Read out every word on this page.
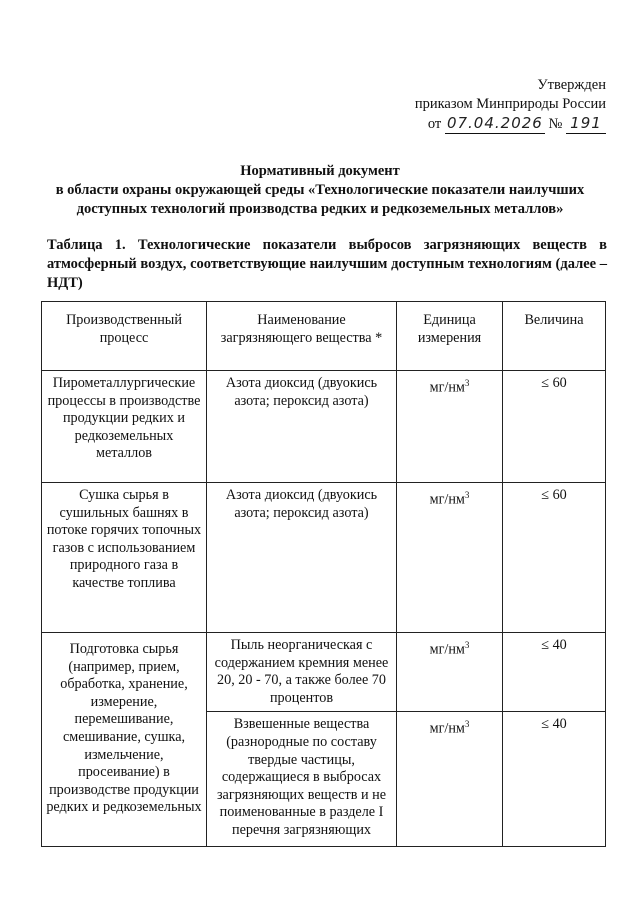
Утвержден
приказом Минприроды России
от 07.04.2026 № 191
Нормативный документ
в области охраны окружающей среды «Технологические показатели наилучших
доступных технологий производства редких и редкоземельных металлов»
Таблица 1. Технологические показатели выбросов загрязняющих веществ в атмосферный воздух, соответствующие наилучшим доступным технологиям (далее – НДТ)
Производственный процесс	Наименование загрязняющего вещества *	Единица измерения	Величина
Пирометаллургические процессы в производстве продукции редких и редкоземельных металлов	Азота диоксид (двуокись азота; пероксид азота)	$мг/нм^3$	≤ 60
Сушка сырья в сушильных башнях в потоке горячих топочных газов с использованием природного газа в качестве топлива	Азота диоксид (двуокись азота; пероксид азота)	$мг/нм^3$	≤ 60
Подготовка сырья (например, прием, обработка, хранение, измерение, перемешивание, смешивание, сушка, измельчение, просеивание) в производстве продукции редких и редкоземельных	Пыль неорганическая с содержанием кремния менее 20, 20 - 70, а также более 70 процентов	$мг/нм^3$	≤ 40
	Взвешенные вещества (разнородные по составу твердые частицы, содержащиеся в выбросах загрязняющих веществ и не поименованные в разделе I перечня загрязняющих	$мг/нм^3$	≤ 40
